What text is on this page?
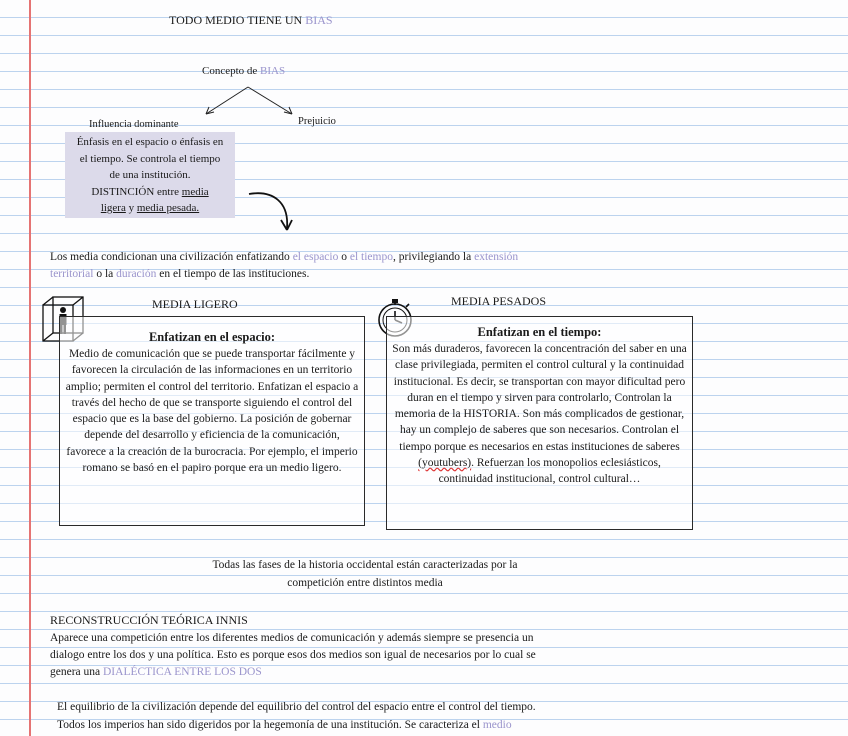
TODO MEDIO TIENE UN BIAS
Concepto de BIAS
Influencia dominante	Prejuicio
Énfasis en el espacio o énfasis en
el tiempo. Se controla el tiempo
de una institución.
DISTINCIÓN entre media
ligera y media pesada.
Los media condicionan una civilización enfatizando el espacio o el tiempo, privilegiando la extensión
territorial o la duración en el tiempo de las instituciones.
MEDIA LIGERO
Enfatizan en el espacio:
Medio de comunicación que se puede transportar fácilmente y favorecen la circulación de las informaciones en un territorio amplio; permiten el control del territorio. Enfatizan el espacio a través del hecho de que se transporte siguiendo el control del espacio que es la base del gobierno. La posición de gobernar depende del desarrollo y eficiencia de la comunicación, favorece a la creación de la burocracia. Por ejemplo, el imperio romano se basó en el papiro porque era un medio ligero.
MEDIA PESADOS
Enfatizan en el tiempo:
Son más duraderos, favorecen la concentración del saber en una clase privilegiada, permiten el control cultural y la continuidad institucional. Es decir, se transportan con mayor dificultad pero duran en el tiempo y sirven para controlarlo, Controlan la memoria de la HISTORIA. Son más complicados de gestionar, hay un complejo de saberes que son necesarios. Controlan el tiempo porque es necesarios en estas instituciones de saberes (youtubers). Refuerzan los monopolios eclesiásticos, continuidad institucional, control cultural…
Todas las fases de la historia occidental están caracterizadas por la
competición entre distintos media
RECONSTRUCCIÓN TEÓRICA INNIS
Aparece una competición entre los diferentes medios de comunicación y además siempre se presencia un
dialogo entre los dos y una política. Esto es porque esos dos medios son igual de necesarios por lo cual se
genera una DIALÉCTICA ENTRE LOS DOS
El equilibrio de la civilización depende del equilibrio del control del espacio entre el control del tiempo.
Todos los imperios han sido digeridos por la hegemonía de una institución. Se caracteriza el medio
